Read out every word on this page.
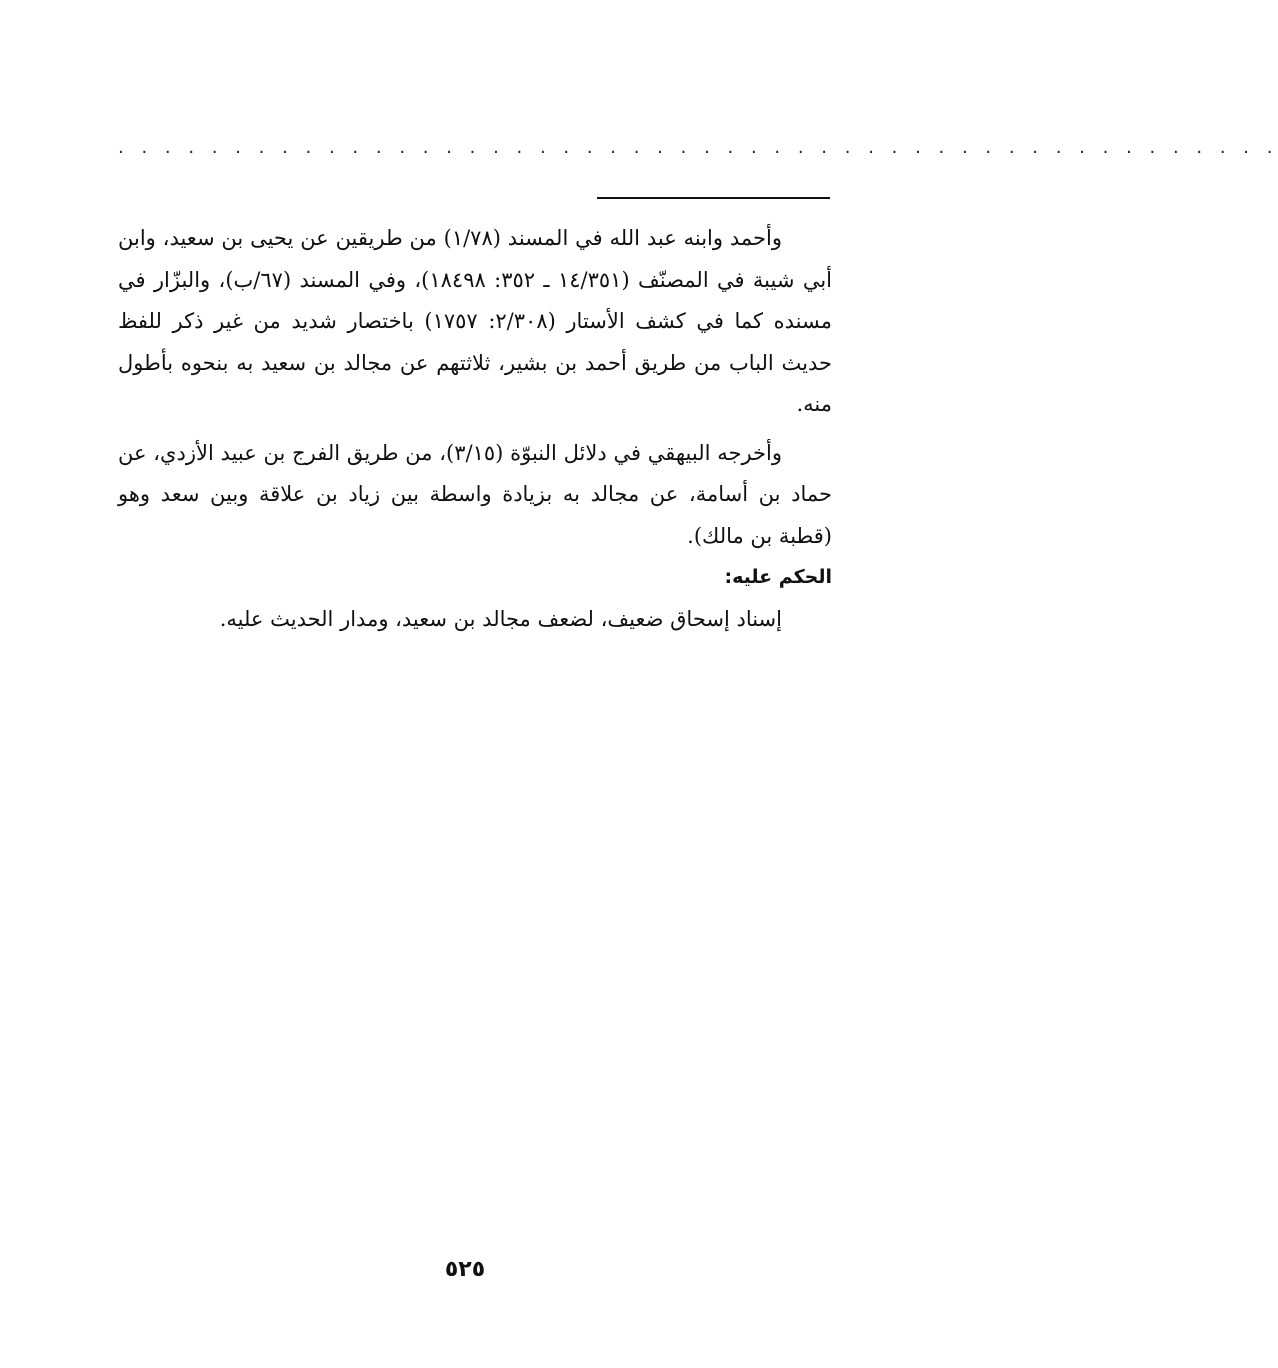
. . . . . . . . . . . . . . . . . . . . . . . . . . . . . . . . . . . . . . . . . . . . . . . . . .

وأحمد وابنه عبد الله في المسند (١/٧٨) من طريقين عن يحيى بن سعيد، وابن أبي شيبة في المصنّف (١٤/٣٥١ ـ ٣٥٢: ١٨٤٩٨)، وفي المسند (٦٧/ب)، والبزّار في مسنده كما في كشف الأستار (٢/٣٠٨: ١٧٥٧) باختصار شديد من غير ذكر للفظ حديث الباب من طريق أحمد بن بشير، ثلاثتهم عن مجالد بن سعيد به بنحوه بأطول منه.

وأخرجه البيهقي في دلائل النبوّة (٣/١٥)، من طريق الفرج بن عبيد الأزدي، عن حماد بن أسامة، عن مجالد به بزيادة واسطة بين زياد بن علاقة وبين سعد وهو (قطبة بن مالك).

الحكم عليه:

إسناد إسحاق ضعيف، لضعف مجالد بن سعيد، ومدار الحديث عليه.

٥٢٥
